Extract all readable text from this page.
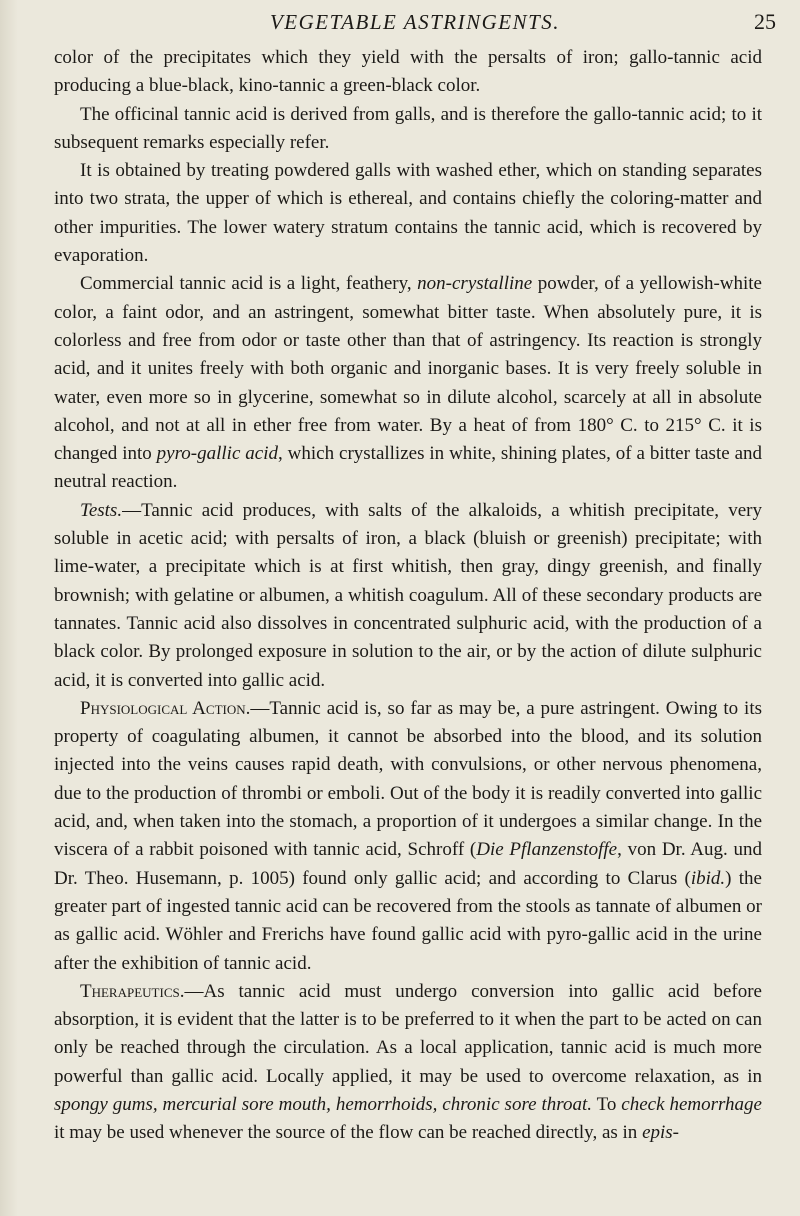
VEGETABLE ASTRINGENTS.	25

color of the precipitates which they yield with the persalts of iron; gallo-tannic acid producing a blue-black, kino-tannic a green-black color.

The officinal tannic acid is derived from galls, and is therefore the gallo-tannic acid; to it subsequent remarks especially refer.

It is obtained by treating powdered galls with washed ether, which on standing separates into two strata, the upper of which is ethereal, and contains chiefly the coloring-matter and other impurities. The lower watery stratum contains the tannic acid, which is recovered by evaporation.

Commercial tannic acid is a light, feathery, non-crystalline powder, of a yellowish-white color, a faint odor, and an astringent, somewhat bitter taste. When absolutely pure, it is colorless and free from odor or taste other than that of astringency. Its reaction is strongly acid, and it unites freely with both organic and inorganic bases. It is very freely soluble in water, even more so in glycerine, somewhat so in dilute alcohol, scarcely at all in absolute alcohol, and not at all in ether free from water. By a heat of from 180° C. to 215° C. it is changed into pyro-gallic acid, which crystallizes in white, shining plates, of a bitter taste and neutral reaction.

Tests.—Tannic acid produces, with salts of the alkaloids, a whitish precipitate, very soluble in acetic acid; with persalts of iron, a black (bluish or greenish) precipitate; with lime-water, a precipitate which is at first whitish, then gray, dingy greenish, and finally brownish; with gelatine or albumen, a whitish coagulum. All of these secondary products are tannates. Tannic acid also dissolves in concentrated sulphuric acid, with the production of a black color. By prolonged exposure in solution to the air, or by the action of dilute sulphuric acid, it is converted into gallic acid.

Physiological Action.—Tannic acid is, so far as may be, a pure astringent. Owing to its property of coagulating albumen, it cannot be absorbed into the blood, and its solution injected into the veins causes rapid death, with convulsions, or other nervous phenomena, due to the production of thrombi or emboli. Out of the body it is readily converted into gallic acid, and, when taken into the stomach, a proportion of it undergoes a similar change. In the viscera of a rabbit poisoned with tannic acid, Schroff (Die Pflanzenstoffe, von Dr. Aug. und Dr. Theo. Husemann, p. 1005) found only gallic acid; and according to Clarus (ibid.) the greater part of ingested tannic acid can be recovered from the stools as tannate of albumen or as gallic acid. Wöhler and Frerichs have found gallic acid with pyro-gallic acid in the urine after the exhibition of tannic acid.

Therapeutics.—As tannic acid must undergo conversion into gallic acid before absorption, it is evident that the latter is to be preferred to it when the part to be acted on can only be reached through the circulation. As a local application, tannic acid is much more powerful than gallic acid. Locally applied, it may be used to overcome relaxation, as in spongy gums, mercurial sore mouth, hemorrhoids, chronic sore throat. To check hemorrhage it may be used whenever the source of the flow can be reached directly, as in epis-
